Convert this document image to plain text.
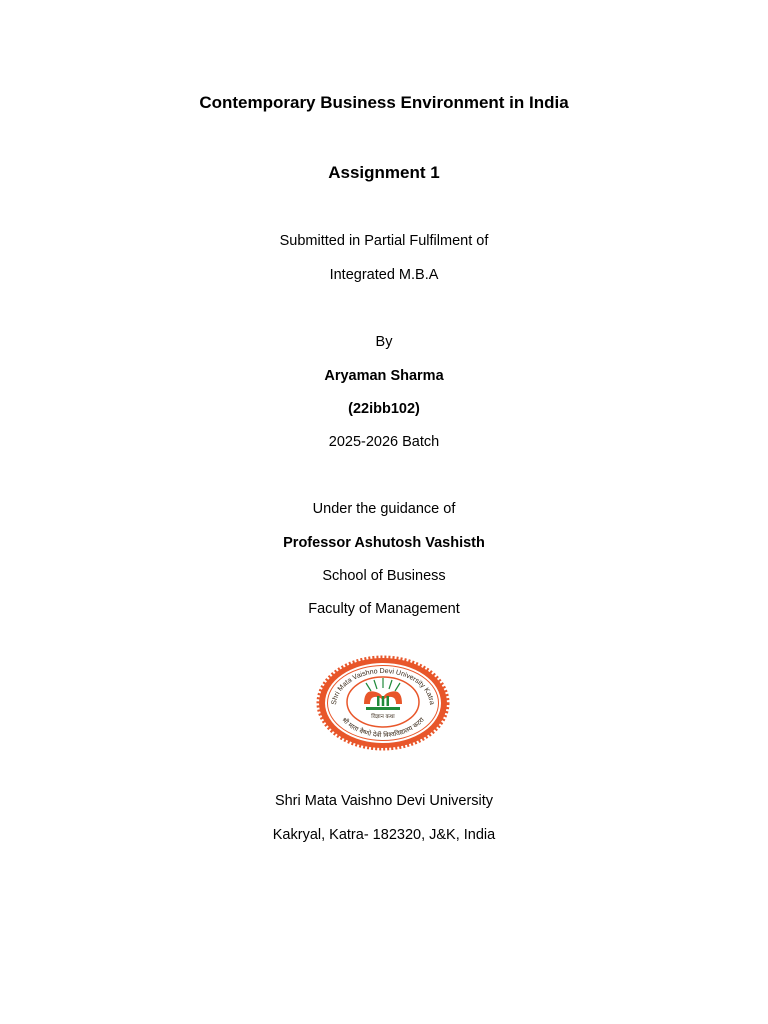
Contemporary Business Environment in India
Assignment 1
Submitted in Partial Fulfilment of
Integrated M.B.A
By
Aryaman Sharma
(22ibb102)
2025-2026 Batch
Under the guidance of
Professor Ashutosh Vashisth
School of Business
Faculty of Management
Shri Mata Vaishno Devi University Katra
श्री माता वैष्णो देवी विश्वविद्यालय कटरा
विज्ञान कथा
Shri Mata Vaishno Devi University
Kakryal, Katra- 182320, J&K, India
